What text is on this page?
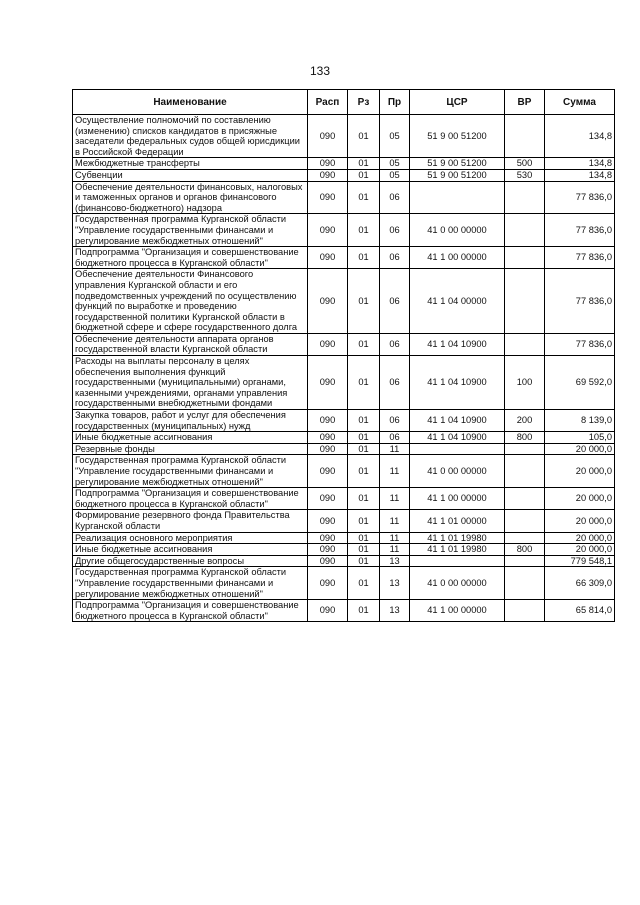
133
Наименование	Расп	Рз	Пр	ЦСР	ВР	Сумма
Осуществление полномочий по составлению (изменению) списков кандидатов в присяжные заседатели федеральных судов общей юрисдикции в Российской Федерации	090	01	05	51 9 00 51200		134,8
Межбюджетные трансферты	090	01	05	51 9 00 51200	500	134,8
Субвенции	090	01	05	51 9 00 51200	530	134,8
Обеспечение деятельности финансовых, налоговых и таможенных органов и органов финансового (финансово-бюджетного) надзора	090	01	06			77 836,0
Государственная программа Курганской области "Управление государственными финансами и регулирование межбюджетных отношений"	090	01	06	41 0 00 00000		77 836,0
Подпрограмма "Организация и совершенствование бюджетного процесса в Курганской области"	090	01	06	41 1 00 00000		77 836,0
Обеспечение деятельности Финансового управления Курганской области и его подведомственных учреждений по осуществлению функций по выработке и проведению государственной политики Курганской области в бюджетной сфере и сфере государственного долга	090	01	06	41 1 04 00000		77 836,0
Обеспечение деятельности аппарата органов государственной власти Курганской области	090	01	06	41 1 04 10900		77 836,0
Расходы на выплаты персоналу в целях обеспечения выполнения функций государственными (муниципальными) органами, казенными учреждениями, органами управления государственными внебюджетными фондами	090	01	06	41 1 04 10900	100	69 592,0
Закупка товаров, работ и услуг для обеспечения государственных (муниципальных) нужд	090	01	06	41 1 04 10900	200	8 139,0
Иные бюджетные ассигнования	090	01	06	41 1 04 10900	800	105,0
Резервные фонды	090	01	11			20 000,0
Государственная программа Курганской области "Управление государственными финансами и регулирование межбюджетных отношений"	090	01	11	41 0 00 00000		20 000,0
Подпрограмма "Организация и совершенствование бюджетного процесса в Курганской области"	090	01	11	41 1 00 00000		20 000,0
Формирование резервного фонда Правительства Курганской области	090	01	11	41 1 01 00000		20 000,0
Реализация основного мероприятия	090	01	11	41 1 01 19980		20 000,0
Иные бюджетные ассигнования	090	01	11	41 1 01 19980	800	20 000,0
Другие общегосударственные вопросы	090	01	13			779 548,1
Государственная программа Курганской области "Управление государственными финансами и регулирование межбюджетных отношений"	090	01	13	41 0 00 00000		66 309,0
Подпрограмма "Организация и совершенствование бюджетного процесса в Курганской области"	090	01	13	41 1 00 00000		65 814,0
